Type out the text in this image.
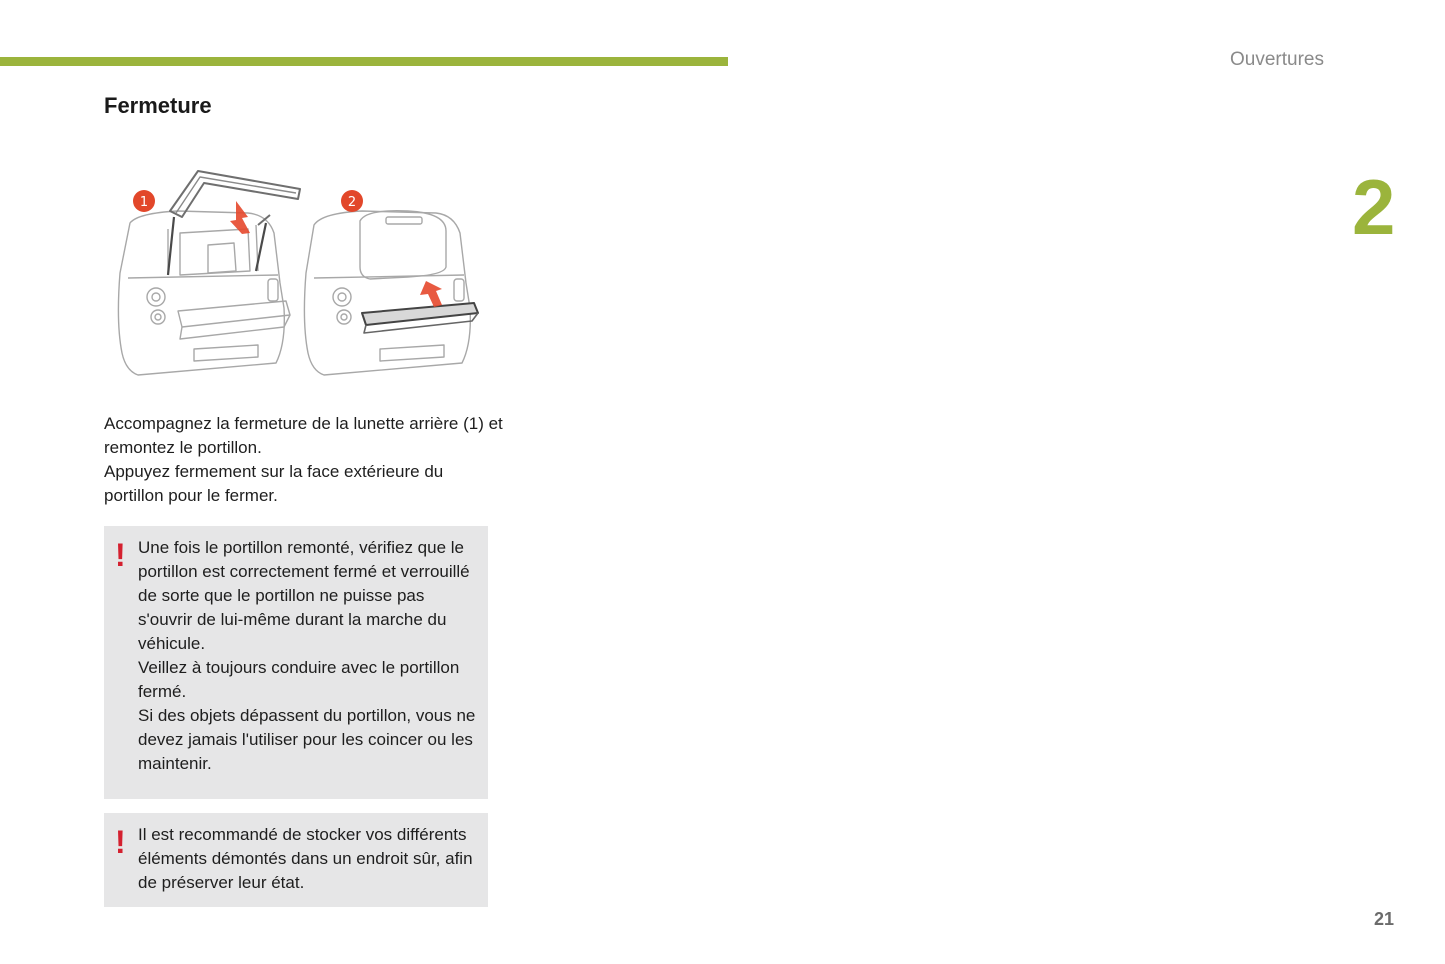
Ouvertures
2
Fermeture
1	2

Accompagnez la fermeture de la lunette arrière (1) et remontez le portillon.

Appuyez fermement sur la face extérieure du portillon pour le fermer.

! Une fois le portillon remonté, vérifiez que le portillon est correctement fermé et verrouillé de sorte que le portillon ne puisse pas s'ouvrir de lui-même durant la marche du véhicule.

Veillez à toujours conduire avec le portillon fermé.

Si des objets dépassent du portillon, vous ne devez jamais l'utiliser pour les coincer ou les maintenir.

! Il est recommandé de stocker vos différents éléments démontés dans un endroit sûr, afin de préserver leur état.

21
